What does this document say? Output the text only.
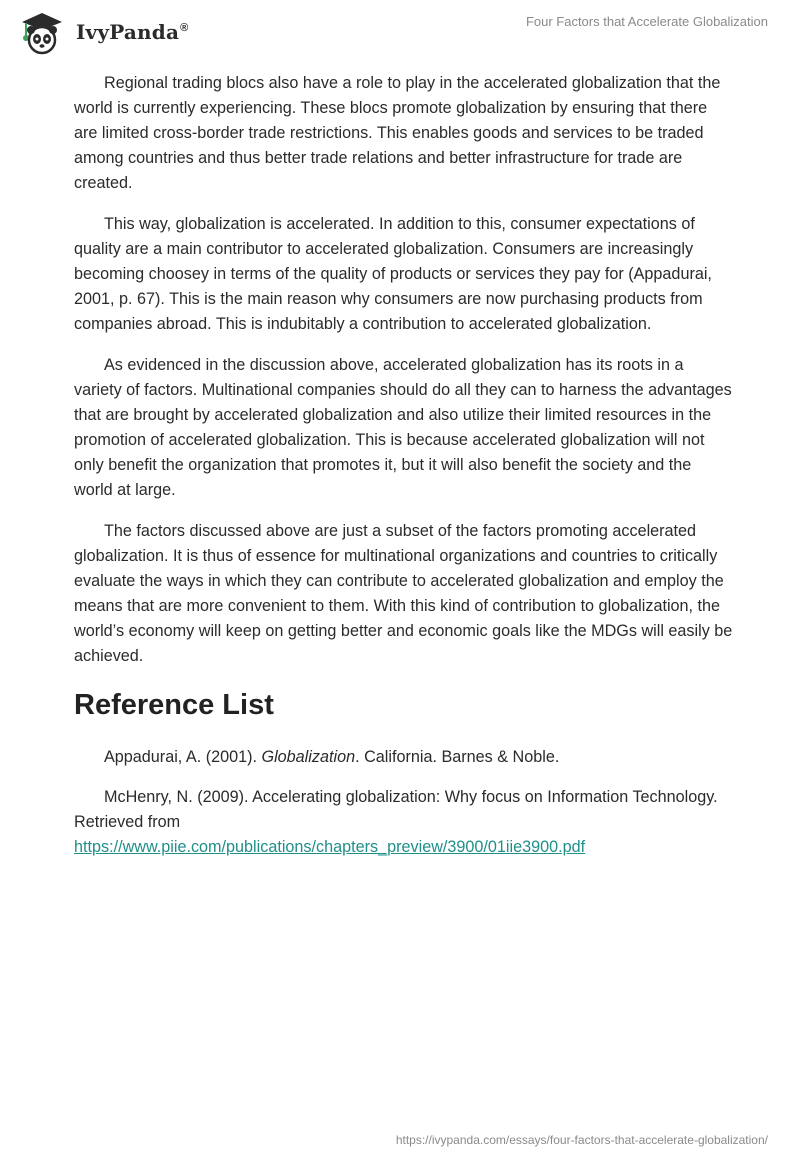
IvyPanda®	Four Factors that Accelerate Globalization

Regional trading blocs also have a role to play in the accelerated globalization that the world is currently experiencing. These blocs promote globalization by ensuring that there are limited cross-border trade restrictions. This enables goods and services to be traded among countries and thus better trade relations and better infrastructure for trade are created.

This way, globalization is accelerated. In addition to this, consumer expectations of quality are a main contributor to accelerated globalization. Consumers are increasingly becoming choosey in terms of the quality of products or services they pay for (Appadurai, 2001, p. 67). This is the main reason why consumers are now purchasing products from companies abroad. This is indubitably a contribution to accelerated globalization.

As evidenced in the discussion above, accelerated globalization has its roots in a variety of factors. Multinational companies should do all they can to harness the advantages that are brought by accelerated globalization and also utilize their limited resources in the promotion of accelerated globalization. This is because accelerated globalization will not only benefit the organization that promotes it, but it will also benefit the society and the world at large.

The factors discussed above are just a subset of the factors promoting accelerated globalization. It is thus of essence for multinational organizations and countries to critically evaluate the ways in which they can contribute to accelerated globalization and employ the means that are more convenient to them. With this kind of contribution to globalization, the world’s economy will keep on getting better and economic goals like the MDGs will easily be achieved.

Reference List

Appadurai, A. (2001). Globalization. California. Barnes & Noble.

McHenry, N. (2009). Accelerating globalization: Why focus on Information Technology. Retrieved from
https://www.piie.com/publications/chapters_preview/3900/01iie3900.pdf

https://ivypanda.com/essays/four-factors-that-accelerate-globalization/
